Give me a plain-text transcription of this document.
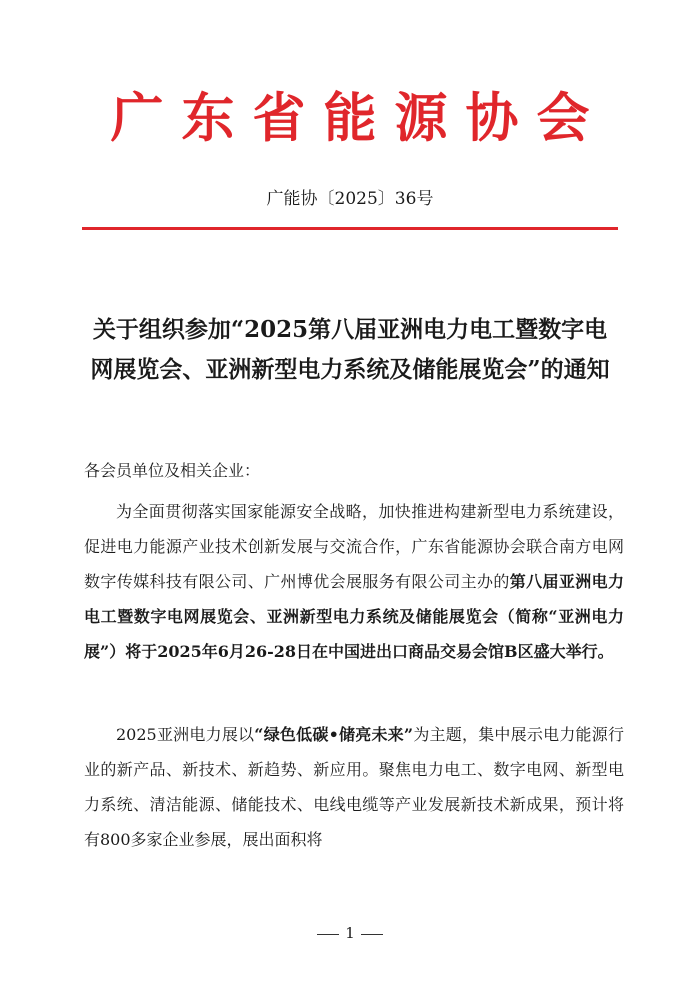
广东省能源协会
广能协〔2025〕36号
关于组织参加“2025第八届亚洲电力电工暨数字电网展览会、亚洲新型电力系统及储能展览会”的通知

各会员单位及相关企业：

为全面贯彻落实国家能源安全战略，加快推进构建新型电力系统建设，促进电力能源产业技术创新发展与交流合作，广东省能源协会联合南方电网数字传媒科技有限公司、广州博优会展服务有限公司主办的第八届亚洲电力电工暨数字电网展览会、亚洲新型电力系统及储能展览会（简称“亚洲电力展”）将于2025年6月26-28日在中国进出口商品交易会馆B区盛大举行。

2025亚洲电力展以“绿色低碳•储亮未来”为主题，集中展示电力能源行业的新产品、新技术、新趋势、新应用。聚焦电力电工、数字电网、新型电力系统、清洁能源、储能技术、电线电缆等产业发展新技术新成果，预计将有800多家企业参展，展出面积将

1
